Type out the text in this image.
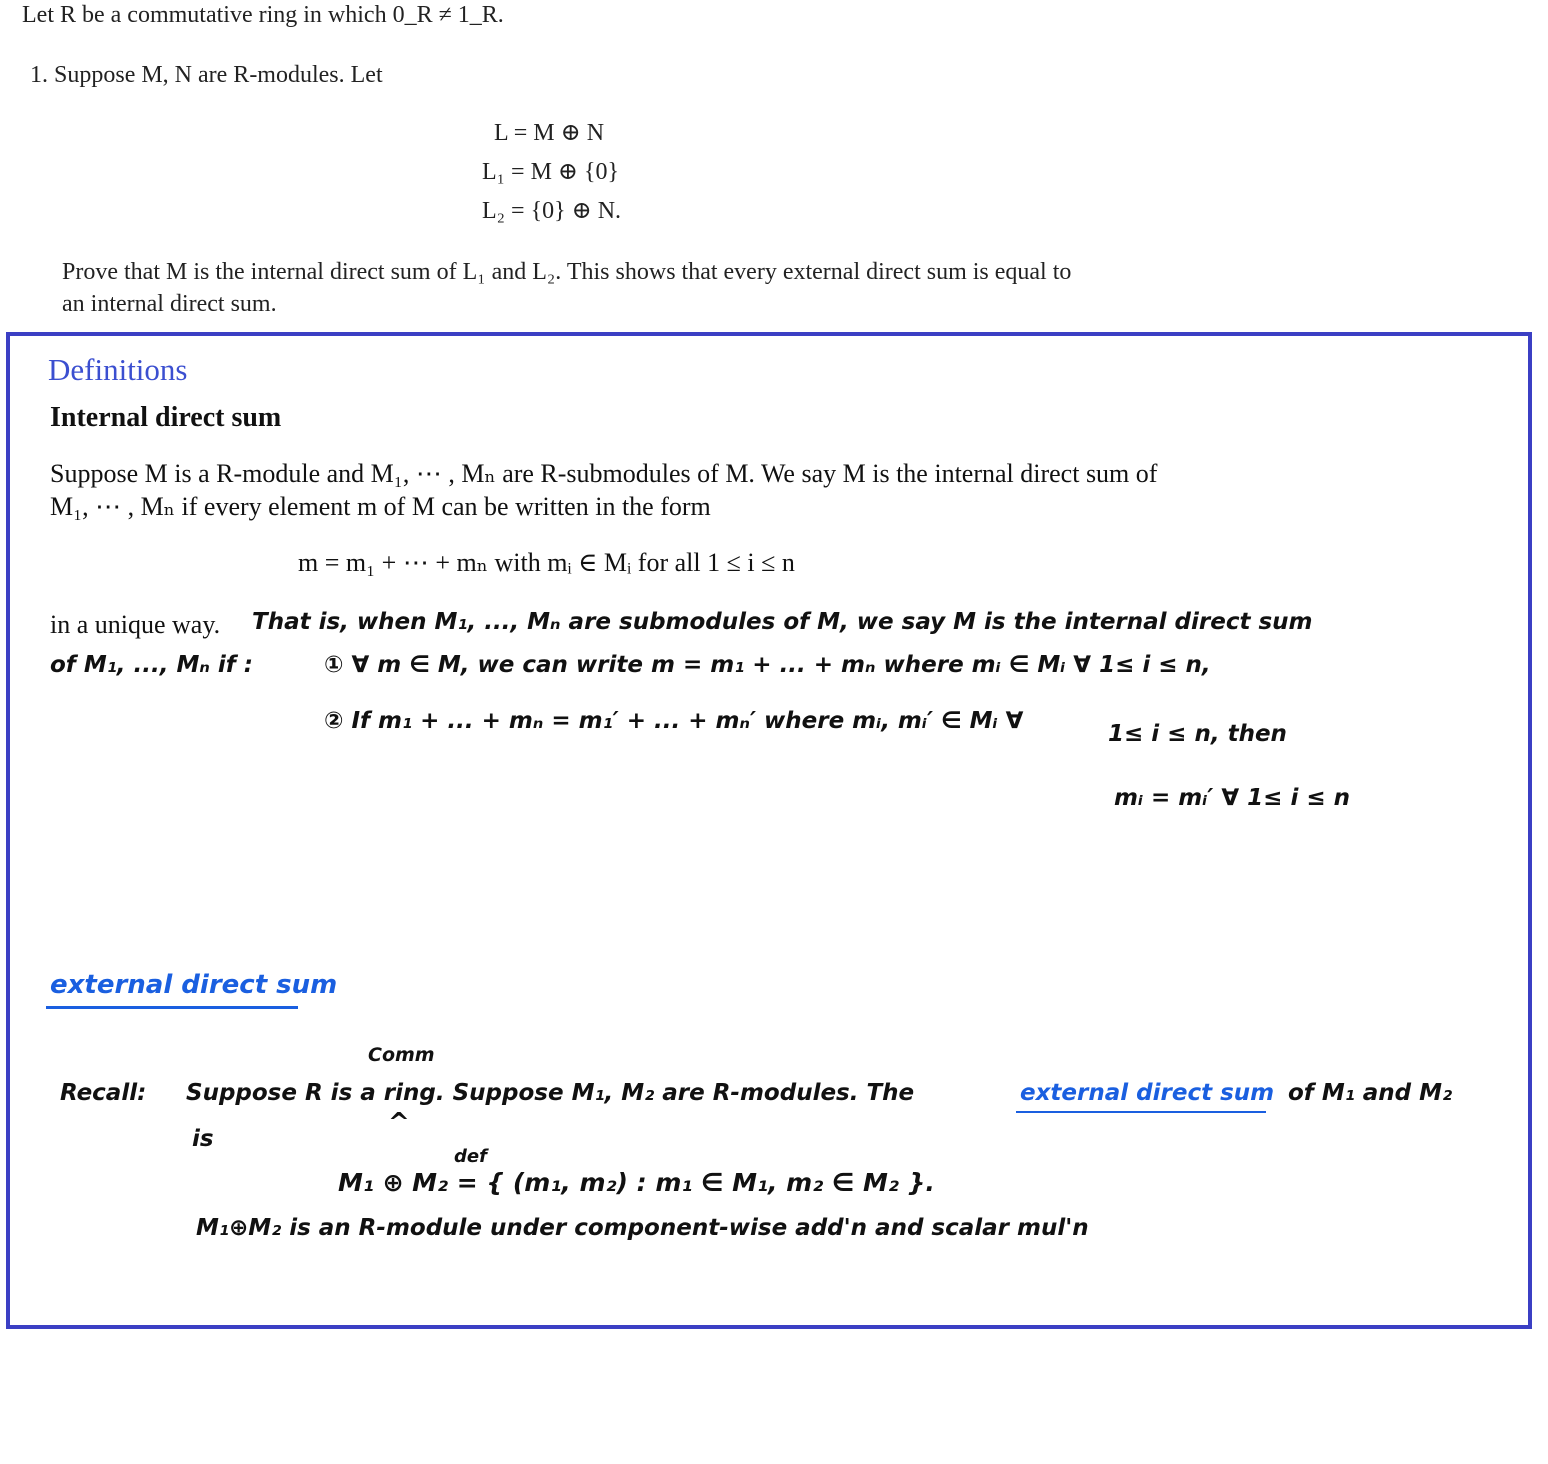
Let R be a commutative ring in which 0_R ≠ 1_R.
1. Suppose M, N are R-modules. Let
L = M ⊕ N
L₁ = M ⊕ {0}
L₂ = {0} ⊕ N.
Prove that M is the internal direct sum of L₁ and L₂. This shows that every external direct sum is equal to an internal direct sum.
Definitions
Internal direct sum
Suppose M is a R-module and M₁, ⋯ , Mₙ are R-submodules of M. We say M is the internal direct sum of M₁, ⋯ , Mₙ if every element m of M can be written in the form
m = m₁ + ⋯ + mₙ with mᵢ ∈ Mᵢ for all 1 ≤ i ≤ n
in a unique way. That is, when M₁, ..., Mₙ are submodules of M, we say M is the internal direct sum
of M₁, ..., Mₙ if :	① ∀ m ∈ M, we can write m = m₁ + ... + mₙ where mᵢ ∈ Mᵢ ∀ 1≤ i ≤ n,
② If m₁ + ... + mₙ = m₁′ + ... + mₙ′ where mᵢ, mᵢ′ ∈ Mᵢ ∀	1≤ i ≤ n, then
mᵢ = mᵢ′ ∀ 1≤ i ≤ n
external direct sum
Comm
^
Recall: Suppose R is a ring. Suppose M₁, M₂ are R-modules. The	external direct sum of M₁ and M₂
is
def
M₁ ⊕ M₂ = { (m₁, m₂) : m₁ ∈ M₁, m₂ ∈ M₂ }.
M₁⊕M₂ is an R-module under component-wise add'n and scalar mul'n
